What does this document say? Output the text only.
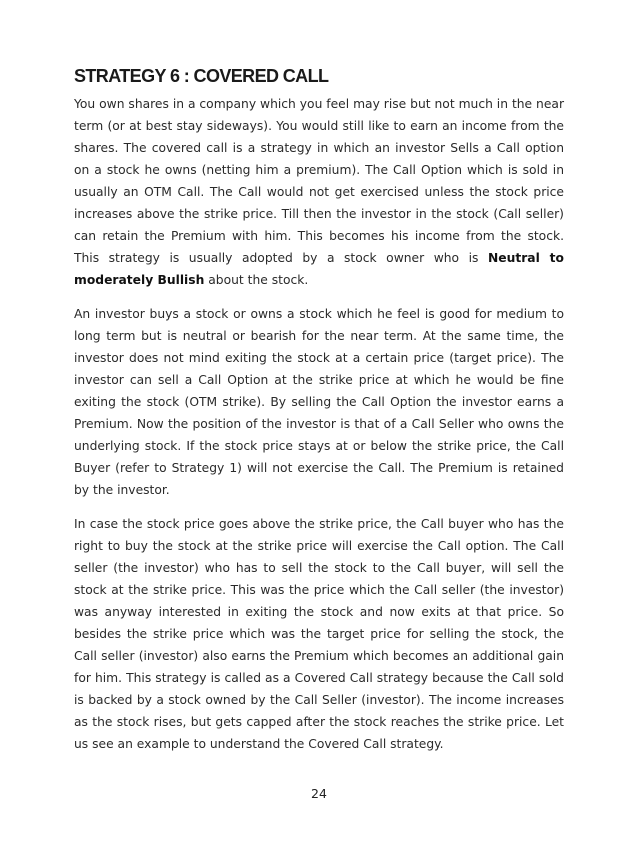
STRATEGY 6 : COVERED CALL

You own shares in a company which you feel may rise but not much in the near term (or at best stay sideways). You would still like to earn an income from the shares. The covered call is a strategy in which an investor Sells a Call option on a stock he owns (netting him a premium). The Call Option which is sold in usually an OTM Call. The Call would not get exercised unless the stock price increases above the strike price. Till then the investor in the stock (Call seller) can retain the Premium with him. This becomes his income from the stock. This strategy is usually adopted by a stock owner who is Neutral to moderately Bullish about the stock.

An investor buys a stock or owns a stock which he feel is good for medium to long term but is neutral or bearish for the near term. At the same time, the investor does not mind exiting the stock at a certain price (target price). The investor can sell a Call Option at the strike price at which he would be fine exiting the stock (OTM strike). By selling the Call Option the investor earns a Premium. Now the position of the investor is that of a Call Seller who owns the underlying stock. If the stock price stays at or below the strike price, the Call Buyer (refer to Strategy 1) will not exercise the Call. The Premium is retained by the investor.

In case the stock price goes above the strike price, the Call buyer who has the right to buy the stock at the strike price will exercise the Call option. The Call seller (the investor) who has to sell the stock to the Call buyer, will sell the stock at the strike price. This was the price which the Call seller (the investor) was anyway interested in exiting the stock and now exits at that price. So besides the strike price which was the target price for selling the stock, the Call seller (investor) also earns the Premium which becomes an additional gain for him. This strategy is called as a Covered Call strategy because the Call sold is backed by a stock owned by the Call Seller (investor). The income increases as the stock rises, but gets capped after the stock reaches the strike price. Let us see an example to understand the Covered Call strategy.

24
